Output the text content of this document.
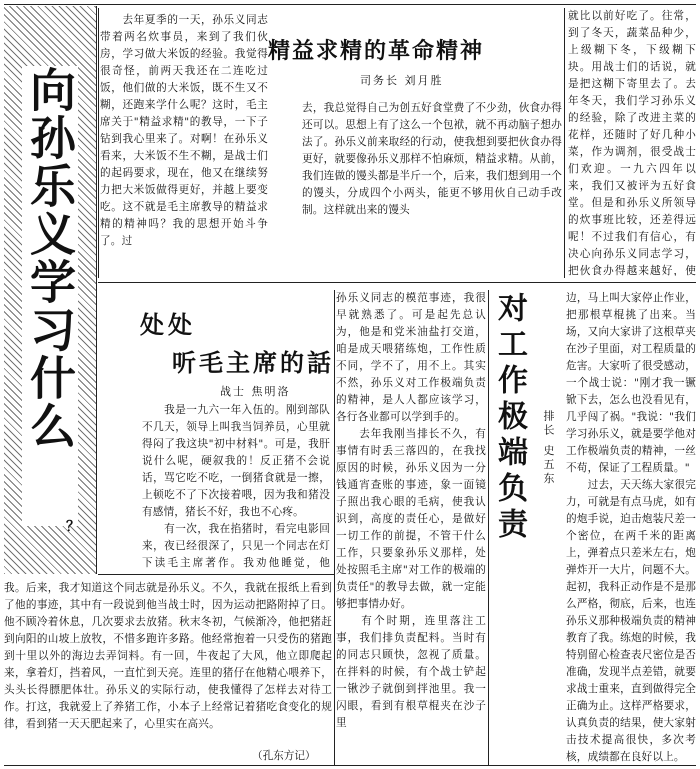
向孙乐义学习什么
？
精益求精的革命精神
司务长 刘月胜
　　去年夏季的一天，孙乐义同志带着两名炊事员，来到了我们伙房，学习做大米饭的经验。我觉得很奇怪，前两天我还在二连吃过饭，他们做的大米饭，既不生又不糊，还跑来学什么呢？这时，毛主席关于"精益求精"的教导，一下子钻到我心里来了。对啊！在孙乐义看来，大米饭不生不糊，是战士们的起码要求，现在，他又在继续努力把大米饭做得更好，并越上要变吃。这不就是毛主席教导的精益求精的精神吗？我的思想开始斗争了。过
去，我总觉得自己为创五好食堂费了不少劲，伙食办得还可以。思想上有了这么一个包袱，就不再动脑子想办法了。孙乐义前来取经的行动，使我想到要把伙食办得更好，就要像孙乐义那样不怕麻烦，精益求精。从前，我们连做的馒头都是半斤一个，后来，我们想到用一个的馒头，分成四个小两头，能更不够用伙自己动手改制。这样就出来的馒头
就比以前好吃了。往常，到了冬天，蔬菜品种少，上级糊下冬，下级糊下块。用战士们的话说，就是把这糊下寄里去了。去年冬天，我们学习孙乐义的经验，除了改进主菜的花样，还随时了好几种小菜，作为调剂，很受战士们欢迎。一九六四年以来，我们又被评为五好食堂。但是和孙乐义所领导的炊事班比较，还差得远呢！不过我们有信心，有决心向孙乐义同志学习，把伙食办得越来越好，使
处处
听毛主席的話
战士 焦明洛
　　我是一九六一年入伍的。刚到部队不几天，领导上叫我当饲养员，心里就得闷了我这块"初中材料"。可是，我肝说什么呢，硬叙我的！反正猪不会说话，骂它吃不吃，一倒猪食就是一擦，上顿吃不了下次接着喂，因为我和猪没有感情，猪长不好，我也不心疼。
　　有一次，我在掐猪时，看完电影回来，夜已经很深了，只见一个同志在灯下读毛主席著作。我劝他睡觉，他
孙乐义同志的模范事迹，我很早就熟悉了。可是起先总认为，他是和党米油盐打交道，咱是成天喂猪练炮，工作性质不同，学不了，用不上。其实不然，孙乐义对工作极端负责的精神，是人人都应该学习，各行各业都可以学到手的。
　　去年我刚当排长不久，有事情有时丢三落四的，在我找原因的时候，孙乐义因为一分钱通宵查账的事迹，象一面镜子照出我心眼的毛病，使我认识到，高度的责任心，是做好一切工作的前提，不管干什么工作，只要象孙乐义那样，处处按照毛主席"对工作的极端的负责任"的教导去做，就一定能够把事情办好。
　　有个时期，连里落注工事，我们排负责配料。当时有的同志只顾快，忽视了质量。在拌料的时候，有个战士铲起一锹沙子就倒到拌池里。我一闪眼，看到有根草棍夹在沙子里
我。后来，我才知道这个同志就是孙乐义。不久，我就在报纸上看到了他的事迹，其中有一段说到他当战士时，因为运动把路附掉了日。他不顾冷着休息，几次要求去放猪。秋末冬初，气候渐冷，他把猪赶到向阳的山坡上放牧，不惜多跑许多路。他经常抱着一只受伤的猪跑到十里以外的海边去弄饲料。有一回，牛夜起了大风，他立即爬起来，拿着灯，挡着风，一直忙到天亮。连里的猪仔在他精心喂养下，头头长得膘肥体壮。孙乐义的实际行动，使我懂得了怎样去对待工作。打这，我就爱上了养猪工作，小本子上经常记着猪吃食变化的规律，看到猪一天天肥起来了，心里实在高兴。
（孔东方记）
对工作极端负责	排长 史五东
边，马上叫大家停止作业，把那根草棍挑了出来。当场，又向大家讲了这根草夹在沙子里面，对工程质量的危害。大家听了很受感动，一个战士说："刚才我一镢锨下去，怎么也没看见有，几乎闯了祸。"我说："我们学习孙乐义，就是要学他对工作极端负责的精神，一丝不苟，保证了工程质量。"
　　过去，天天练大家很完力，可就是有点马虎，如有的炮手说，迫击炮装尺差一个密位，在两千米的距离上，弹着点只差米左右，炮弹炸开一大片，问题不大。起初，我科正动作是不是那么严格，彻底，后来，也连孙乐义那种极端负责的精神教育了我。练炮的时候，我特别留心检查表尺密位是否准确，发现半点差错，就要求战士重来，直到做得完全正确为止。这样严格要求，认真负责的结果，使大家射击技术提高很快，多次考核，成绩都在良好以上。
